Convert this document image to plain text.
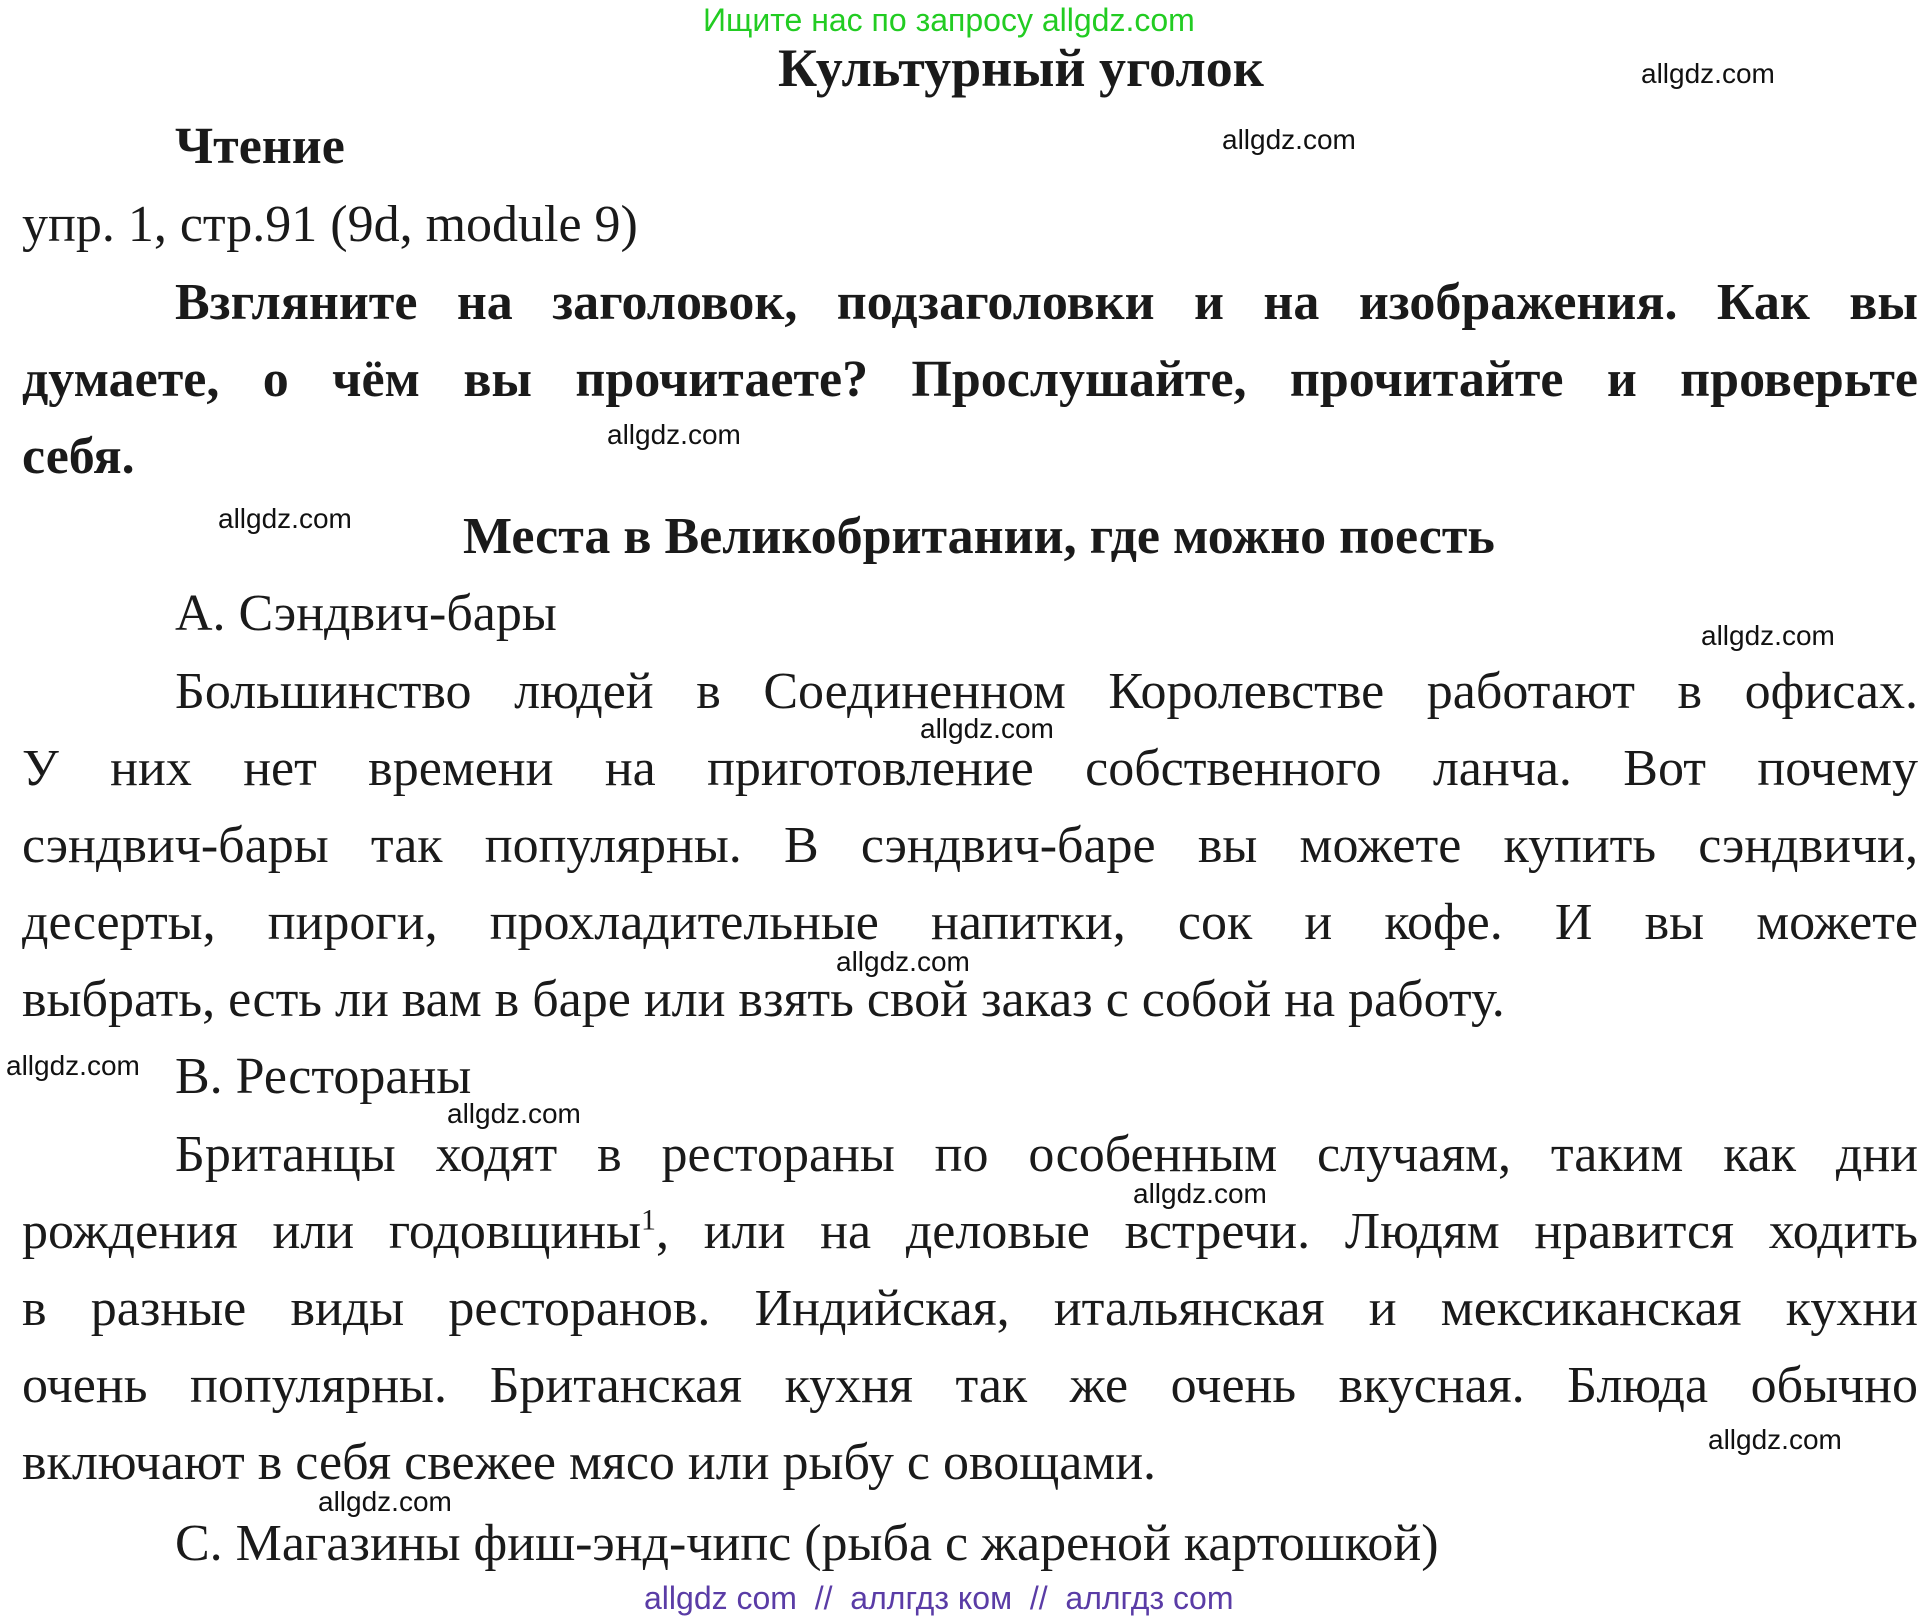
Ищите нас по запросу allgdz.com
Культурный уголок
Чтение
упр. 1, стр.91 (9d, module 9)
Взгляните на заголовок, подзаголовки и на изображения. Как вы
думаете, о чём вы прочитаете? Прослушайте, прочитайте и проверьте
себя.
Места в Великобритании, где можно поесть
A. Сэндвич-бары
Большинство людей в Соединенном Королевстве работают в офисах.
У них нет времени на приготовление собственного ланча. Вот почему
сэндвич-бары так популярны. В сэндвич-баре вы можете купить сэндвичи,
десерты, пироги, прохладительные напитки, сок и кофе. И вы можете
выбрать, есть ли вам в баре или взять свой заказ с собой на работу.
B. Рестораны
Британцы ходят в рестораны по особенным случаям, таким как дни
рождения или годовщины$^1$, или на деловые встречи. Людям нравится ходить
в разные виды ресторанов. Индийская, итальянская и мексиканская кухни
очень популярны. Британская кухня так же очень вкусная. Блюда обычно
включают в себя свежее мясо или рыбу с овощами.
C. Магазины фиш-энд-чипс (рыба с жареной картошкой)
allgdz.com
allgdz.com
allgdz.com
allgdz.com
allgdz.com
allgdz.com
allgdz.com
allgdz.com
allgdz.com
allgdz.com
allgdz.com
allgdz.com
allgdz com  //  аллгдз ком  //  аллгдз com
